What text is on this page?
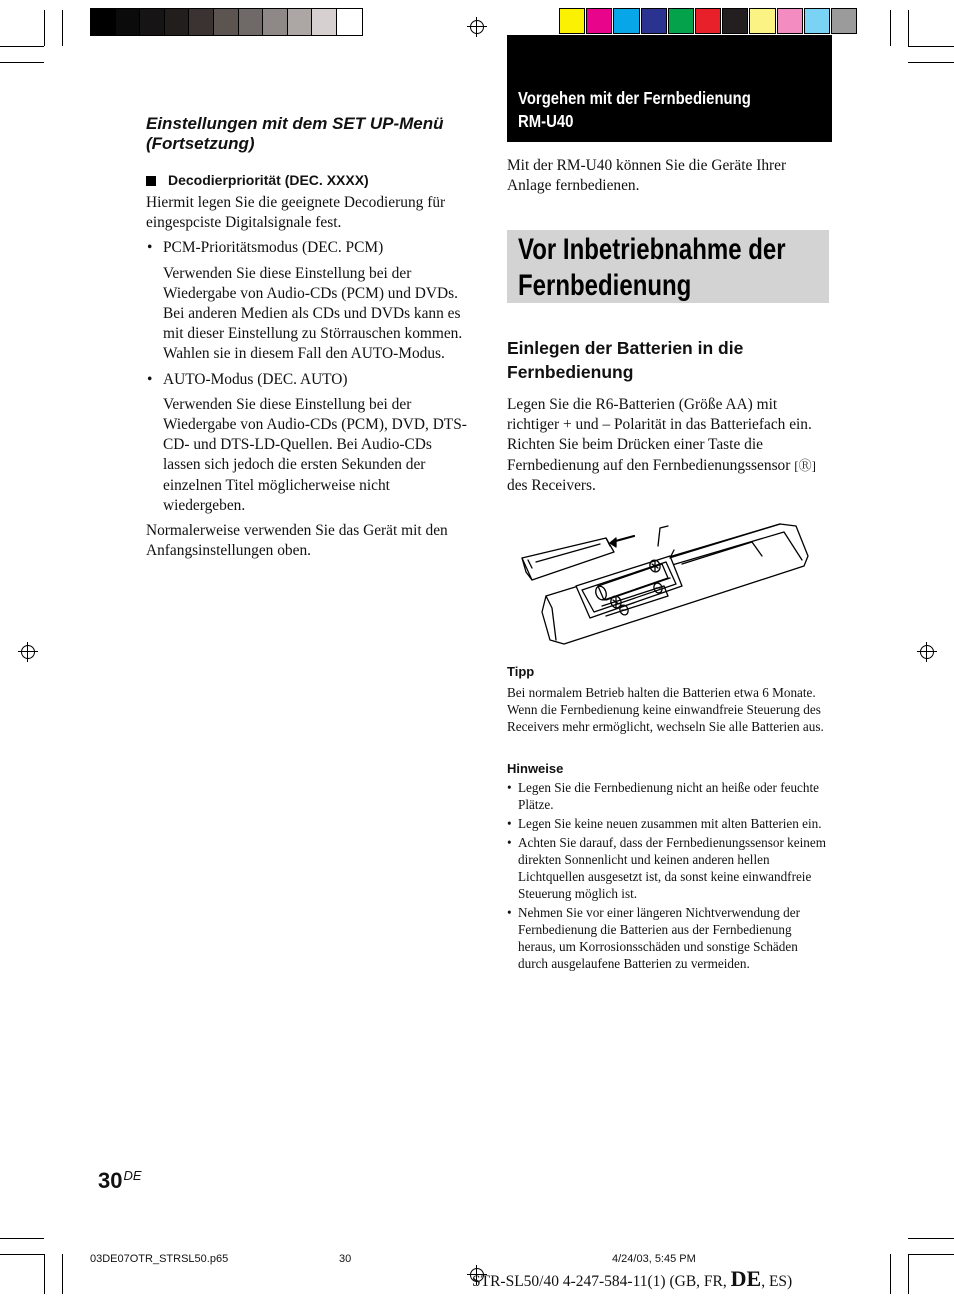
Einstellungen mit dem SET UP-Menü (Fortsetzung)

Decodierpriorität (DEC. XXXX)

Hiermit legen Sie die geeignete Decodierung für eingespciste Digitalsignale fest.

• PCM-Prioritätsmodus (DEC. PCM)

Verwenden Sie diese Einstellung bei der Wiedergabe von Audio-CDs (PCM) und DVDs. Bei anderen Medien als CDs und DVDs kann es mit dieser Einstellung zu Störrauschen kommen. Wahlen sie in diesem Fall den AUTO-Modus.

• AUTO-Modus (DEC. AUTO)

Verwenden Sie diese Einstellung bei der Wiedergabe von Audio-CDs (PCM), DVD, DTS-CD- und DTS-LD-Quellen. Bei Audio-CDs lassen sich jedoch die ersten Sekunden der einzelnen Titel möglicherweise nicht wiedergeben.

Normalerweise verwenden Sie das Gerät mit den Anfangsinstellungen oben.

Vorgehen mit der Fernbedienung
RM-U40

Mit der RM-U40 können Sie die Geräte Ihrer Anlage fernbedienen.

Vor Inbetriebnahme der
Fernbedienung

Einlegen der Batterien in die Fernbedienung

Legen Sie die R6-Batterien (Größe AA) mit richtiger + und – Polarität in das Batteriefach ein. Richten Sie beim Drücken einer Taste die Fernbedienung auf den Fernbedienungssensor [Ⓡ] des Receivers.

Tipp

Bei normalem Betrieb halten die Batterien etwa 6 Monate. Wenn die Fernbedienung keine einwandfreie Steuerung des Receivers mehr ermöglicht, wechseln Sie alle Batterien aus.

Hinweise

• Legen Sie die Fernbedienung nicht an heiße oder feuchte Plätze.
• Legen Sie keine neuen zusammen mit alten Batterien ein.
• Achten Sie darauf, dass der Fernbedienungssensor keinem direkten Sonnenlicht und keinen anderen hellen Lichtquellen ausgesetzt ist, da sonst keine einwandfreie Steuerung möglich ist.
• Nehmen Sie vor einer längeren Nichtverwendung der Fernbedienung die Batterien aus der Fernbedienung heraus, um Korrosionsschäden und sonstige Schäden durch ausgelaufene Batterien zu vermeiden.
30DE
03DE07OTR_STRSL50.p65	30	4/24/03, 5:45 PM
STR-SL50/40 4-247-584-11(1) (GB, FR, DE, ES)
